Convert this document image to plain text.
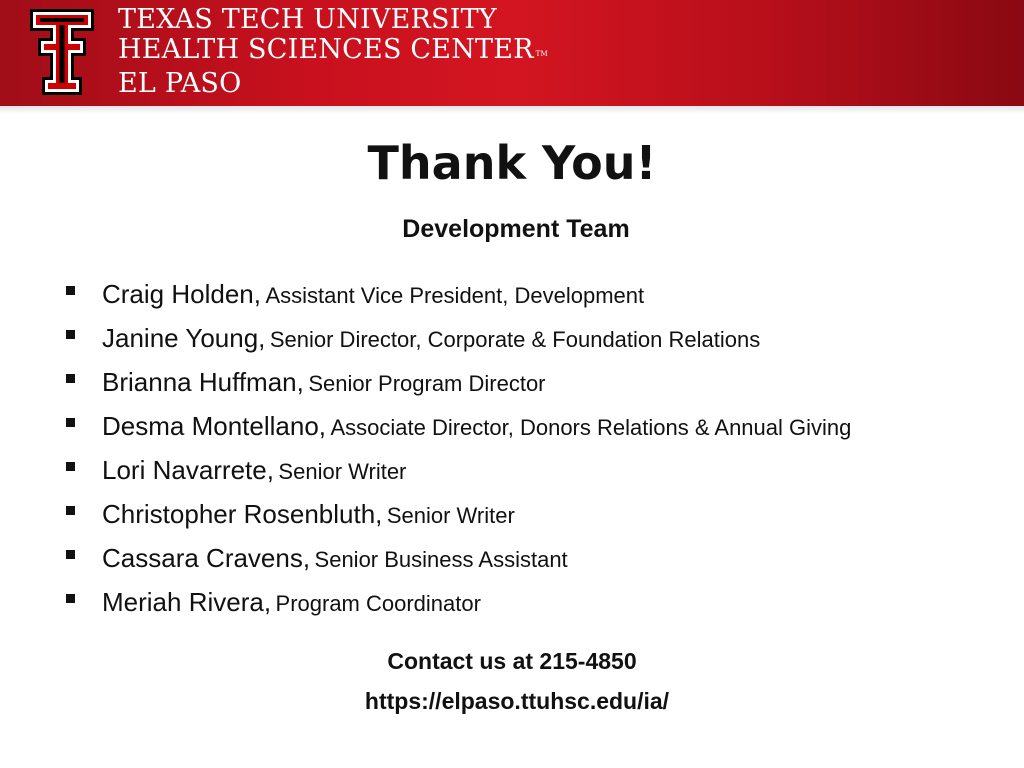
TEXAS TECH UNIVERSITY
HEALTH SCIENCES CENTER TM
EL PASO
Thank You!
Development Team
Craig Holden, Assistant Vice President, Development
Janine Young, Senior Director, Corporate & Foundation Relations
Brianna Huffman, Senior Program Director
Desma Montellano, Associate Director, Donors Relations & Annual Giving
Lori Navarrete, Senior Writer
Christopher Rosenbluth, Senior Writer
Cassara Cravens, Senior Business Assistant
Meriah Rivera, Program Coordinator
Contact us at 215-4850
https://elpaso.ttuhsc.edu/ia/
